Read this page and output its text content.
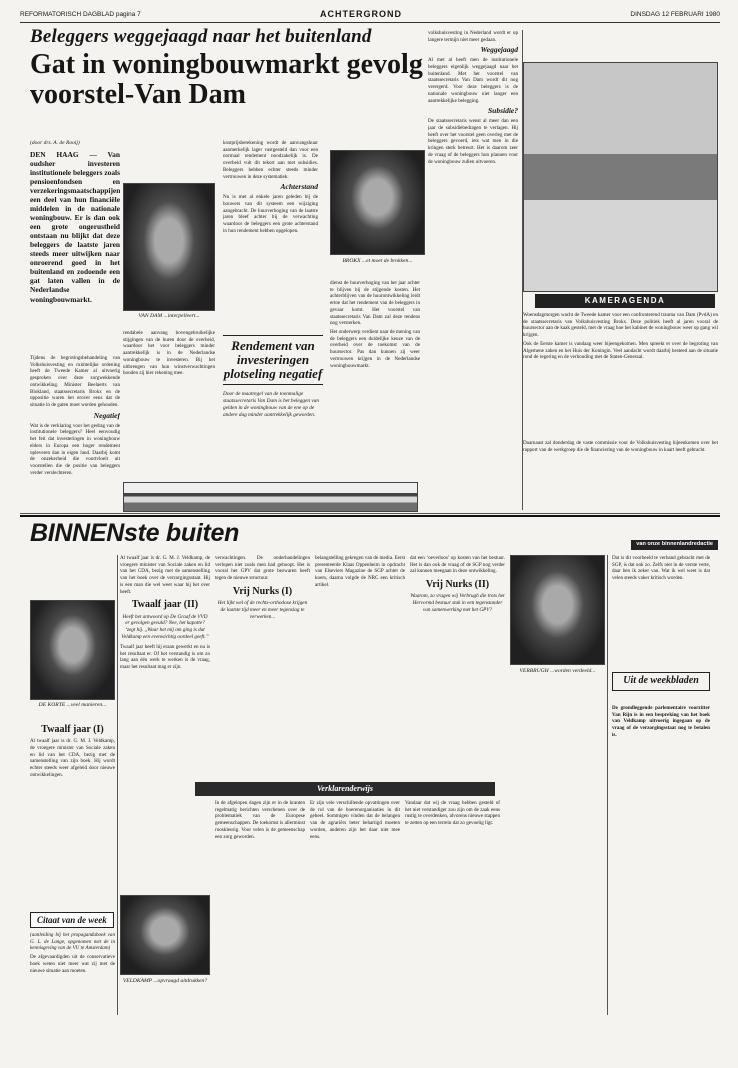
REFORMATORISCH DAGBLAD pagina 7	ACHTERGROND	DINSDAG 12 FEBRUARI 1980
Beleggers weggejaagd naar het buitenland
Gat in woningbouwmarkt gevolg voorstel-Van Dam
KAMERAGENDA
(door drs. A. de Rooij)
DEN HAAG — Van oudsher investeren institutionele beleggers zoals pensioenfondsen en verzekeringsmaatschappijen een deel van hun financiële middelen in de nationale woningbouw. Er is dan ook een grote ongerustheid ontstaan nu blijkt dat deze beleggers de laatste jaren steeds meer uitwijken naar onroerend goed in het buitenland en zodoende een gat laten vallen in de Nederlandse woningbouwmarkt.

Tijdens de begrotingsbehandeling van Volkshuisvesting en ruimtelijke ordening heeft de Tweede Kamer al uitvoerig gesproken over deze zorgwekkende ontwikkeling. Minister Beelaerts van Blokland, staatssecretaris Brokx en de oppositie waren het erover eens dat de situatie in de gaten moet worden gehouden.

Negatief

Wat is de verklaring voor het gedrag van de institutionele beleggers? Heel eenvoudig het feit dat investeringen in woningbouw elders in Europa een hoger rendement opleveren dan in eigen land. Daarbij komt de onzekerheid die voortvloeit uit voorstellen die de positie van beleggers verder verslechteren.

VAN DAM ...interpelleert...

kostprijsberekening wordt de aanvangshuur aanmerkelijk lager vastgesteld dan voor een normaal rendement noodzakelijk is. De overheid vult dit tekort aan met subsidies. Beleggers hebben echter steeds minder vertrouwen in deze systematiek.

Achterstand

Nu is met al enkele jaren geleden bij de bouwers van dit systeem een wijziging aangebracht. De huurverhoging van de laatste jaren bleef achter bij de verwachting waardoor de beleggers een grote achterstand in hun rendement hebben opgelopen.

rendabele aanvang bovengebruikelijke stijgingen van de huren door de overheid, waardoor het voor beleggers minder aantrekkelijk is in de Nederlandse woningbouw te investeren. Bij het uitbrengen van hun winstverwachtingen houden zij hier rekening mee.

BROKX ...et moet de brokken...
Rendement van investeringen plotseling negatief
Door de maatregel van de toenmalige staatssecretaris Van Dam is het beleggen van gelden in de woningbouw van de ene op de andere dag minder aantrekkelijk geworden.

dienst de huurverhoging van het jaar achter te blijven bij de stijgende kosten. Het achterblijven van de huurontwikkeling leidt ertoe dat het rendement van de beleggers in gevaar komt. Het voorstel van staatssecretaris Van Dam zal deze tendens nog versterken.

Het onderwerp verdient naar de mening van de beleggers een duidelijke keuze van de overheid over de toekomst van de huursector. Pas dan kunnen zij weer vertrouwen krijgen in de Nederlandse woningbouwmarkt.

volkshuisvesting in Nederland wordt er op langere termijn niet meer gedaan.

Weggejaagd

Al met al heeft men de institutionele beleggers eigenlijk weggejaagd naar het buitenland. Met het voorstel van staatssecretaris Van Dam wordt dit nog verergerd. Voor deze beleggers is de nationale woningbouw niet langer een aantrekkelijke belegging.

Subsidie?

De staatssecretaris wenst al meer dan een jaar de subsidiebedragen te verlagen. Hij heeft over het voorstel geen overleg met de beleggers gevoerd, iets wat men in die kringen sterk betreurt. Het is daarom zeer de vraag of de beleggers hun plannen voor de woningbouw zullen uitvoeren.

Woensdagmorgen wacht de Tweede kamer voor een confronterend trauma van Dam (PvdA) en de staatssecretaris van Volkshuisvesting Brokx. Deze politiek heeft al jaren vooral de huursector aan de kaak gesteld, met de vraag hoe het kabinet de woningbouw weer op gang wil krijgen.

Ook de Eerste kamer is vandaag weer bijeengekomen. Men spreekt er over de begroting van Algemene zaken en het Huis der Koningin. Veel aandacht wordt daarbij besteed aan de situatie rond de regering en de verhouding met de Staten-Generaal.

Daarnaast zal donderdag de vaste commissie voor de Volkshuisvesting bijeenkomen over het rapport van de werkgroep die de financiering van de woningbouw in kaart heeft gebracht.

BINNENste buiten	van onze binnenlandredactie
DE KORTE ...veel manieren...
Twaalf jaar (I)

Al twaalf jaar is dr. G. M. J. Veldkamp, de vroegere minister van Sociale zaken en lid van het CDA, bezig met de samenstelling van zijn boek. Hij wordt echter steeds weer afgeleid door nieuwe ontwikkelingen.

Citaat van de week

(aanleiding bij het propagandaboek van G. L. de Lange, opgenomen met de in kennisgeving van de VU te Amsterdam)

De afgevaardigden uit de conservatieve hoek weten niet meer wat zij met de nieuwe situatie aan moeten.

Al twaalf jaar is dr. G. M. J. Veldkamp, de vroegere minister van Sociale zaken en lid van het CDA, bezig met de samenstelling van het boek over de verzorgingsstaat. Hij is een man die wel weet waar hij het over heeft.

Twaalf jaar (II)
Heeft het antwoord op De Graaf de VVD er gevolgen gevuld? Nee, het kapotte? ‘zegt hij. ,,Waar het mij om ging is dat Veldkamp een evenwichtig oordeel geeft.’’

Twaalf jaar heeft hij eraan gewerkt en nu is het resultaat er. Of het verstandig is om zo lang aan één werk te werken is de vraag, maar het resultaat mag er zijn.

VELDKAMP ...opvraagd uitdrukken?

verwachtingen. De onderhandelingen verlopen niet zoals men had gehoopt. Het is vooral het GPV dat grote bezwaren heeft tegen de nieuwe structuur.

Vrij Nurks (I)
Het lijkt wel of de rechts-orthodoxe krijgen de laatste tijd meer en meer tegenslag te verwerken...

belangstelling gekregen van de media. Eerst presenteerde Klaas Oppenheim in opdracht van Elseviers Magazine de SGP achter de koers, daarna volgde de NRC een kritisch artikel.

dat een ‘oeverloos’ op kosten van het bestuur. Het is dan ook de vraag of de SGP nog verder zal kunnen meegaan in deze ontwikkeling.

Vrij Nurks (II)
Waarom, zo vragen wij Verbrugh die trots het Hervormd bestuur stak in een tegenstander van samenwerking met het GPV?
VERBRUGH ...worden verdeeld...

Dat is dit voorbeeld te verband gebracht met de SGP, is dat ook zo. Zelfs niet in de verste verte, daar ben ik zeker van. Wat ik wel weet is dat velen steeds vaker kritisch worden.

Uit de weekbladen

De grondleggende parlementaire voorzitter Van Rijn is in een bespreking van het boek van Veldkamp uitvoerig ingegaan op de vraag of de verzorgingsstaat nog te betalen is.

Verklarenderwijs

In de afgelopen dagen zijn er in de kranten regelmatig berichten verschenen over de problematiek van de Europese gemeenschappen. De toekomst is allerminst rooskleurig. Voor velen is de gemeenschap een zorg geworden.

Er zijn vele verschillende opvattingen over de rol van de boerenorganisaties in dit geheel. Sommigen vinden dat de belangen van de agrariërs beter behartigd moeten worden, anderen zijn het daar niet mee eens.

Vandaar dat wij de vraag hebben gesteld of het niet verstandiger zou zijn om de zaak eens rustig te overdenken, alvorens nieuwe stappen te zetten op een terrein dat zo gevoelig ligt.
